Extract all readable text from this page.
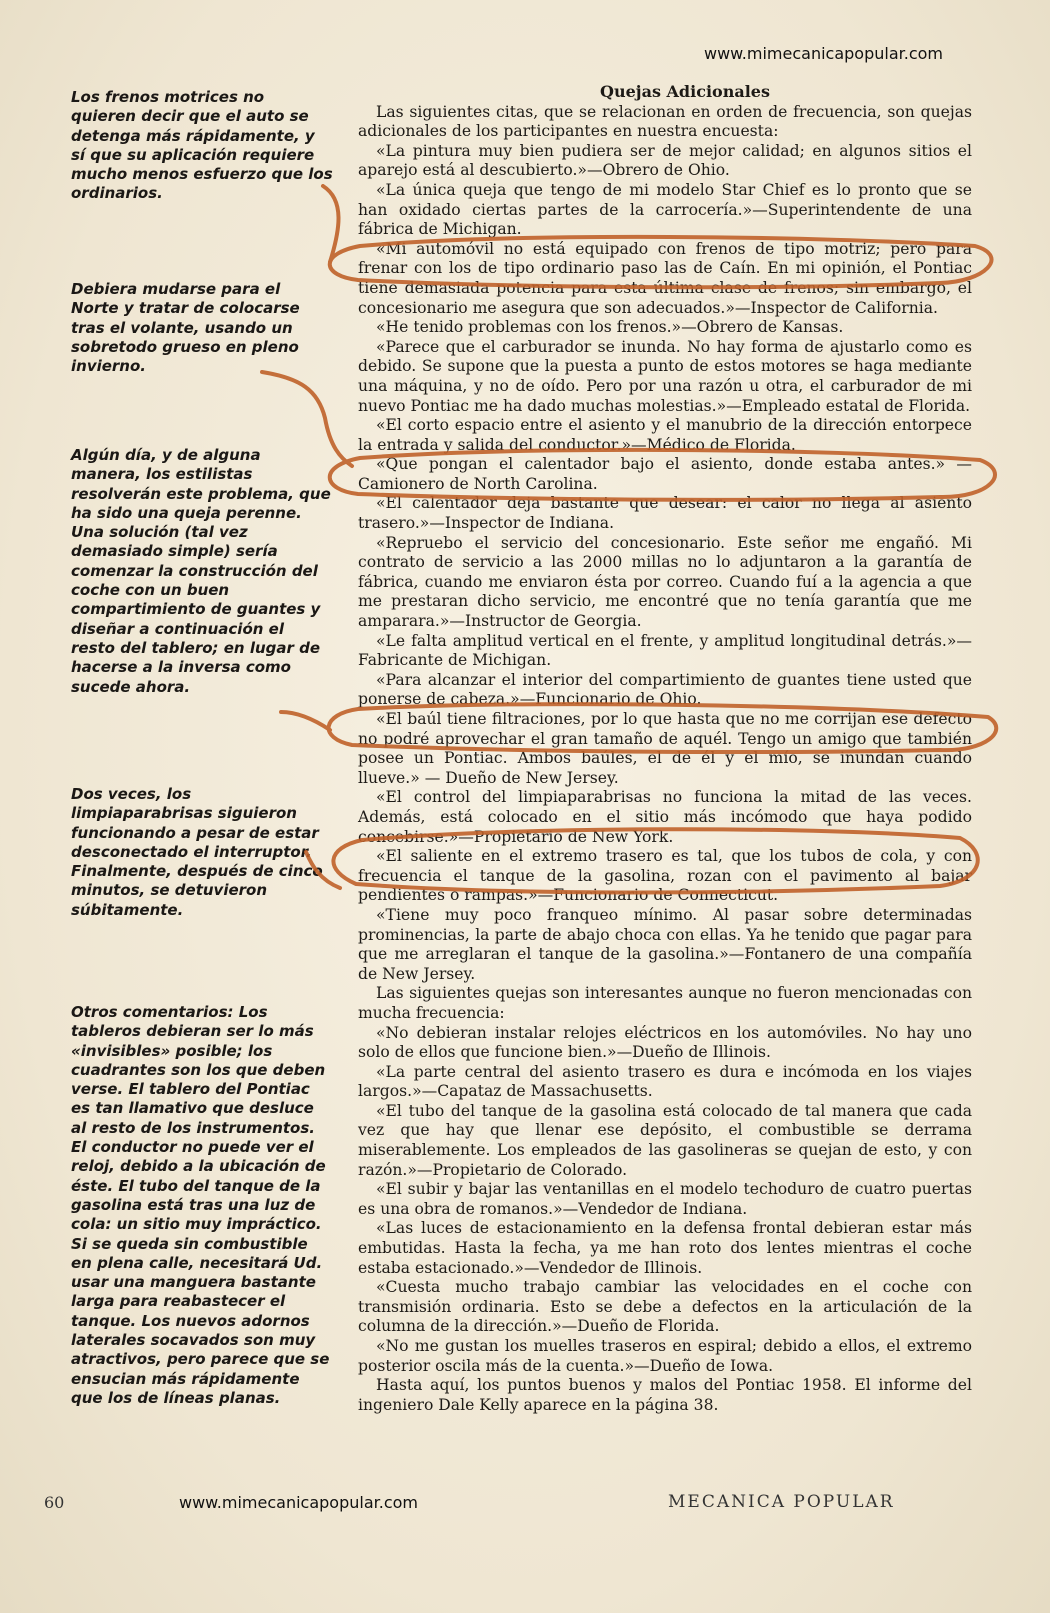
www.mimecanicapopular.com
Los frenos motrices no quieren decir que el auto se detenga más rápidamente, y sí que su aplicación requiere mucho menos esfuerzo que los ordinarios.
Debiera mudarse para el Norte y tratar de colocarse tras el volante, usando un sobretodo grueso en pleno invierno.
Algún día, y de alguna manera, los estilistas resolverán este problema, que ha sido una queja perenne. Una solución (tal vez demasiado simple) sería comenzar la construcción del coche con un buen compartimiento de guantes y diseñar a continuación el resto del tablero; en lugar de hacerse a la inversa como sucede ahora.
Dos veces, los limpiaparabrisas siguieron funcionando a pesar de estar desconectado el interruptor. Finalmente, después de cinco minutos, se detuvieron súbitamente.
Otros comentarios: Los tableros debieran ser lo más «invisibles» posible; los cuadrantes son los que deben verse. El tablero del Pontiac es tan llamativo que desluce al resto de los instrumentos. El conductor no puede ver el reloj, debido a la ubicación de éste. El tubo del tanque de la gasolina está tras una luz de cola: un sitio muy impráctico. Si se queda sin combustible en plena calle, necesitará Ud. usar una manguera bastante larga para reabastecer el tanque. Los nuevos adornos laterales socavados son muy atractivos, pero parece que se ensucian más rápidamente que los de líneas planas.
Quejas Adicionales

Las siguientes citas, que se relacionan en orden de frecuencia, son quejas adicionales de los participantes en nuestra encuesta:

«La pintura muy bien pudiera ser de mejor calidad; en algunos sitios el aparejo está al descubierto.»—Obrero de Ohio.

«La única queja que tengo de mi modelo Star Chief es lo pronto que se han oxidado ciertas partes de la carrocería.»—Superintendente de una fábrica de Michigan.

«Mi automóvil no está equipado con frenos de tipo motriz; pero para frenar con los de tipo ordinario paso las de Caín. En mi opinión, el Pontiac tiene demasiada potencia para esta última clase de frenos; sin embargo, el concesionario me asegura que son adecuados.»—Inspector de California.

«He tenido problemas con los frenos.»—Obrero de Kansas.

«Parece que el carburador se inunda. No hay forma de ajustarlo como es debido. Se supone que la puesta a punto de estos motores se haga mediante una máquina, y no de oído. Pero por una razón u otra, el carburador de mi nuevo Pontiac me ha dado muchas molestias.»—Empleado estatal de Florida.

«El corto espacio entre el asiento y el manubrio de la dirección entorpece la entrada y salida del conductor.»—Médico de Florida.

«Que pongan el calentador bajo el asiento, donde estaba antes.» —Camionero de North Carolina.

«El calentador deja bastante que desear: el calor no llega al asiento trasero.»—Inspector de Indiana.

«Repruebo el servicio del concesionario. Este señor me engañó. Mi contrato de servicio a las 2000 millas no lo adjuntaron a la garantía de fábrica, cuando me enviaron ésta por correo. Cuando fuí a la agencia a que me prestaran dicho servicio, me encontré que no tenía garantía que me amparara.»—Instructor de Georgia.

«Le falta amplitud vertical en el frente, y amplitud longitudinal detrás.»—Fabricante de Michigan.

«Para alcanzar el interior del compartimiento de guantes tiene usted que ponerse de cabeza.»—Funcionario de Ohio.

«El baúl tiene filtraciones, por lo que hasta que no me corrijan ese defecto no podré aprovechar el gran tamaño de aquél. Tengo un amigo que también posee un Pontiac. Ambos baúles, el de él y el mío, se inundan cuando llueve.» — Dueño de New Jersey.

«El control del limpiaparabrisas no funciona la mitad de las veces. Además, está colocado en el sitio más incómodo que haya podido concebirse.»—Propietario de New York.

«El saliente en el extremo trasero es tal, que los tubos de cola, y con frecuencia el tanque de la gasolina, rozan con el pavimento al bajar pendientes o rampas.»—Funcionario de Connecticut.

«Tiene muy poco franqueo mínimo. Al pasar sobre determinadas prominencias, la parte de abajo choca con ellas. Ya he tenido que pagar para que me arreglaran el tanque de la gasolina.»—Fontanero de una compañía de New Jersey.

Las siguientes quejas son interesantes aunque no fueron mencionadas con mucha frecuencia:

«No debieran instalar relojes eléctricos en los automóviles. No hay uno solo de ellos que funcione bien.»—Dueño de Illinois.

«La parte central del asiento trasero es dura e incómoda en los viajes largos.»—Capataz de Massachusetts.

«El tubo del tanque de la gasolina está colocado de tal manera que cada vez que hay que llenar ese depósito, el combustible se derrama miserablemente. Los empleados de las gasolineras se quejan de esto, y con razón.»—Propietario de Colorado.

«El subir y bajar las ventanillas en el modelo techoduro de cuatro puertas es una obra de romanos.»—Vendedor de Indiana.

«Las luces de estacionamiento en la defensa frontal debieran estar más embutidas. Hasta la fecha, ya me han roto dos lentes mientras el coche estaba estacionado.»—Vendedor de Illinois.

«Cuesta mucho trabajo cambiar las velocidades en el coche con transmisión ordinaria. Esto se debe a defectos en la articulación de la columna de la dirección.»—Dueño de Florida.

«No me gustan los muelles traseros en espiral; debido a ellos, el extremo posterior oscila más de la cuenta.»—Dueño de Iowa.

Hasta aquí, los puntos buenos y malos del Pontiac 1958. El informe del ingeniero Dale Kelly aparece en la página 38.

60	www.mimecanicapopular.com	MECANICA POPULAR
